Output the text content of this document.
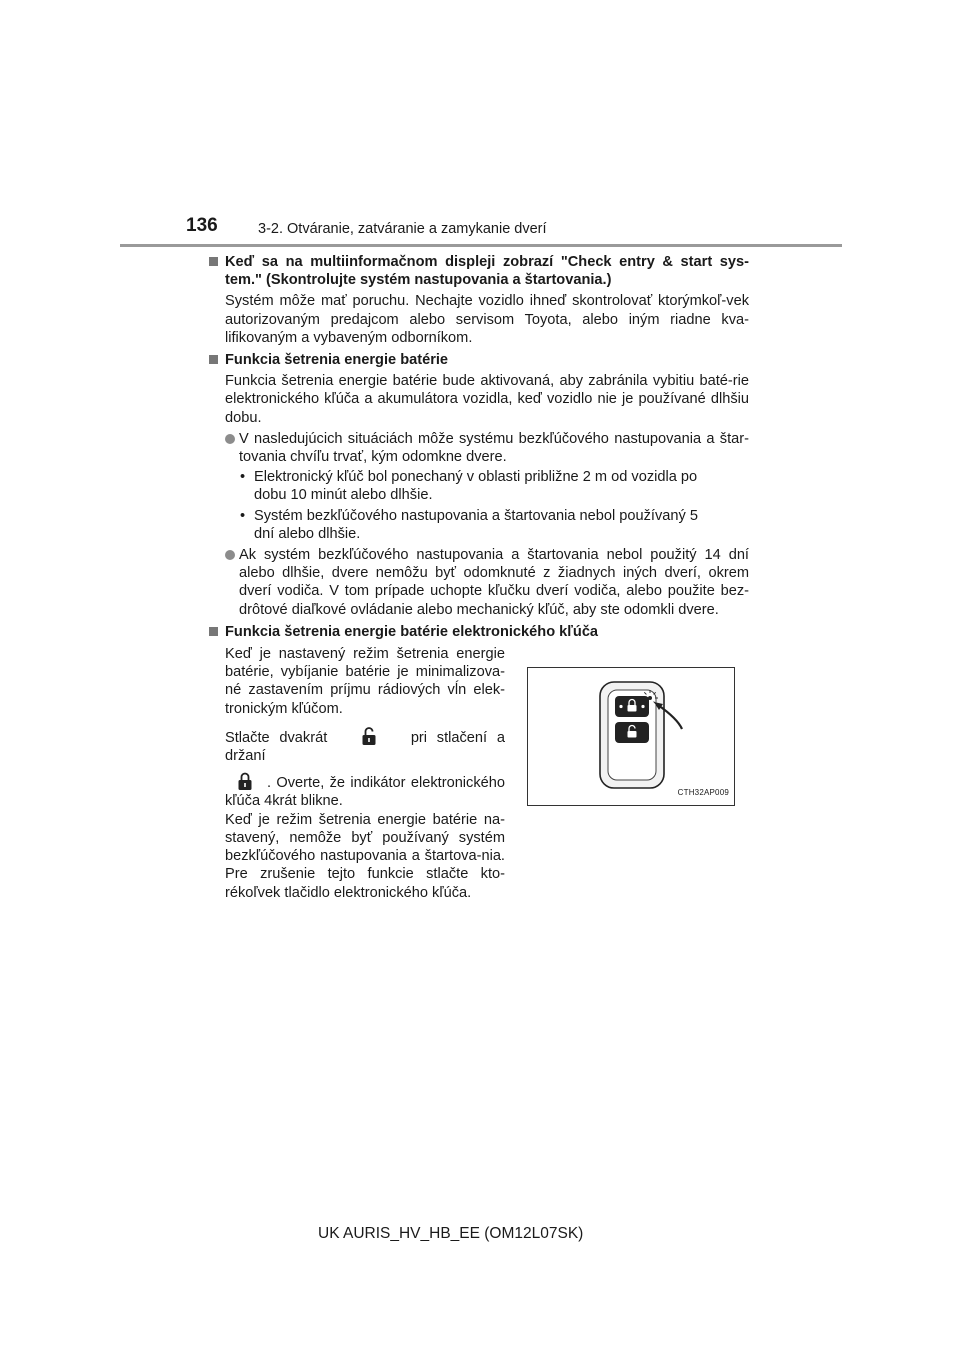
136	3-2. Otváranie, zatváranie a zamykanie dverí

Keď sa na multiinformačnom displeji zobrazí "Check entry & start sys-tem." (Skontrolujte systém nastupovania a štartovania.)

Systém môže mať poruchu. Nechajte vozidlo ihneď skontrolovať ktorýmkoľ-vek autorizovaným predajcom alebo servisom Toyota, alebo iným riadne kva-lifikovaným a vybaveným odborníkom.

Funkcia šetrenia energie batérie

Funkcia šetrenia energie batérie bude aktivovaná, aby zabránila vybitiu baté-rie elektronického kľúča a akumulátora vozidla, keď vozidlo nie je používané dlhšiu dobu.

V nasledujúcich situáciách môže systému bezkľúčového nastupovania a štar-tovania chvíľu trvať, kým odomkne dvere.
• Elektronický kľúč bol ponechaný v oblasti približne 2 m od vozidla po dobu 10 minút alebo dlhšie.
• Systém bezkľúčového nastupovania a štartovania nebol používaný 5 dní alebo dlhšie.
Ak systém bezkľúčového nastupovania a štartovania nebol použitý 14 dní alebo dlhšie, dvere nemôžu byť odomknuté z žiadnych iných dverí, okrem dverí vodiča. V tom prípade uchopte kľučku dverí vodiča, alebo použite bez-drôtové diaľkové ovládanie alebo mechanický kľúč, aby ste odomkli dvere.

Funkcia šetrenia energie batérie elektronického kľúča

Keď je nastavený režim šetrenia energie batérie, vybíjanie batérie je minimalizova-né zastavením príjmu rádiových vĺn elek-tronickým kľúčom.

Stlačte dvakrát	pri stlačení a držaní

. Overte, že indikátor elektronického kľúča 4krát blikne.

Keď je režim šetrenia energie batérie na-stavený, nemôže byť používaný systém bezkľúčového nastupovania a štartova-nia. Pre zrušenie tejto funkcie stlačte kto-rékoľvek tlačidlo elektronického kľúča.

CTH32AP009
UK AURIS_HV_HB_EE (OM12L07SK)
